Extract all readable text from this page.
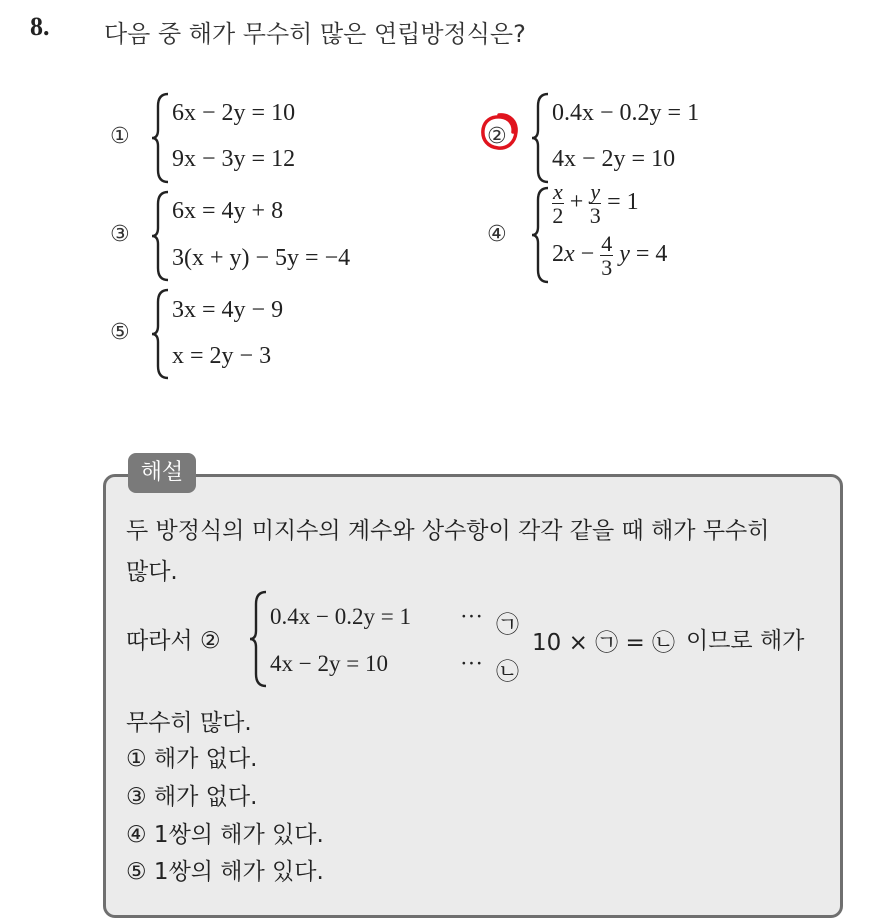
8. 다음 중 해가 무수히 많은 연립방정식은?
①
6x − 2y = 10
9x − 3y = 12
②
0.4x − 0.2y = 1
4x − 2y = 10
③
6x = 4y + 8
3(x + y) − 5y = −4
④
$\frac{x}{2} + \frac{y}{3} = 1$
$2x - \frac{4}{3}$ y = 4
⑤
3x = 4y − 9
x = 2y − 3
해설
두 방정식의 미지수의 계수와 상수항이 각각 같을 때 해가 무수히
많다.
따라서 ②
0.4x − 0.2y = 1
4x − 2y = 10
···
···
㉠
㉡
10 × ㉠ = ㉡ 이므로 해가
무수히 많다.
① 해가 없다.
③ 해가 없다.
④ 1쌍의 해가 있다.
⑤ 1쌍의 해가 있다.
